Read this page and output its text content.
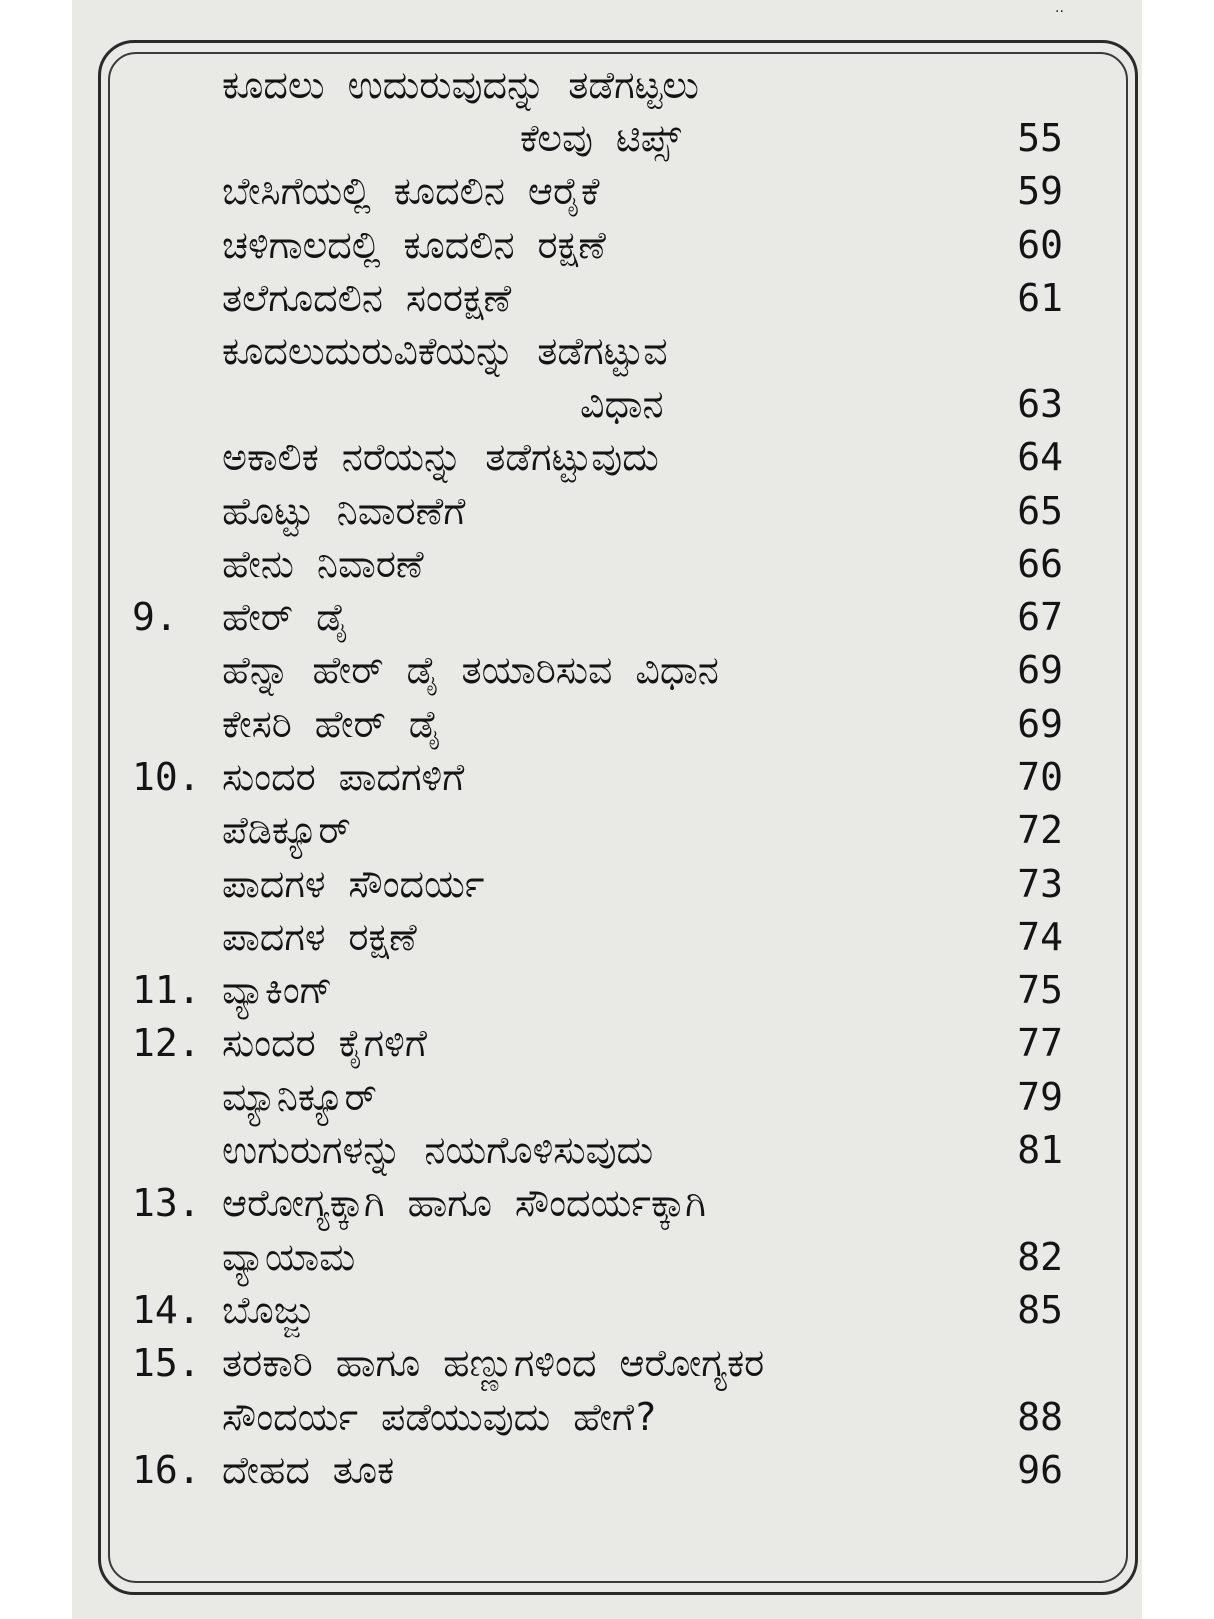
..
ಕೂದಲು ಉದುರುವುದನ್ನು ತಡೆಗಟ್ಟಲು
ಕೆಲವು ಟಿಪ್ಸ್	55
ಬೇಸಿಗೆಯಲ್ಲಿ ಕೂದಲಿನ ಆರೈಕೆ	59
ಚಳಿಗಾಲದಲ್ಲಿ ಕೂದಲಿನ ರಕ್ಷಣೆ	60
ತಲೆಗೂದಲಿನ ಸಂರಕ್ಷಣೆ	61
ಕೂದಲುದುರುವಿಕೆಯನ್ನು ತಡೆಗಟ್ಟುವ
ವಿಧಾನ	63
ಅಕಾಲಿಕ ನರೆಯನ್ನು ತಡೆಗಟ್ಟುವುದು	64
ಹೊಟ್ಟು ನಿವಾರಣೆಗೆ	65
ಹೇನು ನಿವಾರಣೆ	66
9.	ಹೇರ್ ಡೈ	67
ಹೆನ್ನಾ ಹೇರ್ ಡೈ ತಯಾರಿಸುವ ವಿಧಾನ	69
ಕೇಸರಿ ಹೇರ್ ಡೈ	69
10. ಸುಂದರ ಪಾದಗಳಿಗೆ	70
ಪೆಡಿಕ್ಯೂರ್	72
ಪಾದಗಳ ಸೌಂದರ್ಯ	73
ಪಾದಗಳ ರಕ್ಷಣೆ	74
11. ವ್ಯಾಕಿಂಗ್	75
12. ಸುಂದರ ಕೈಗಳಿಗೆ	77
ಮ್ಯಾನಿಕ್ಯೂರ್	79
ಉಗುರುಗಳನ್ನು ನಯಗೊಳಿಸುವುದು	81
13. ಆರೋಗ್ಯಕ್ಕಾಗಿ ಹಾಗೂ ಸೌಂದರ್ಯಕ್ಕಾಗಿ
ವ್ಯಾಯಾಮ	82
14. ಬೊಜ್ಜು	85
15. ತರಕಾರಿ ಹಾಗೂ ಹಣ್ಣುಗಳಿಂದ ಆರೋಗ್ಯಕರ
ಸೌಂದರ್ಯ ಪಡೆಯುವುದು ಹೇಗೆ?	88
16. ದೇಹದ ತೂಕ	96
